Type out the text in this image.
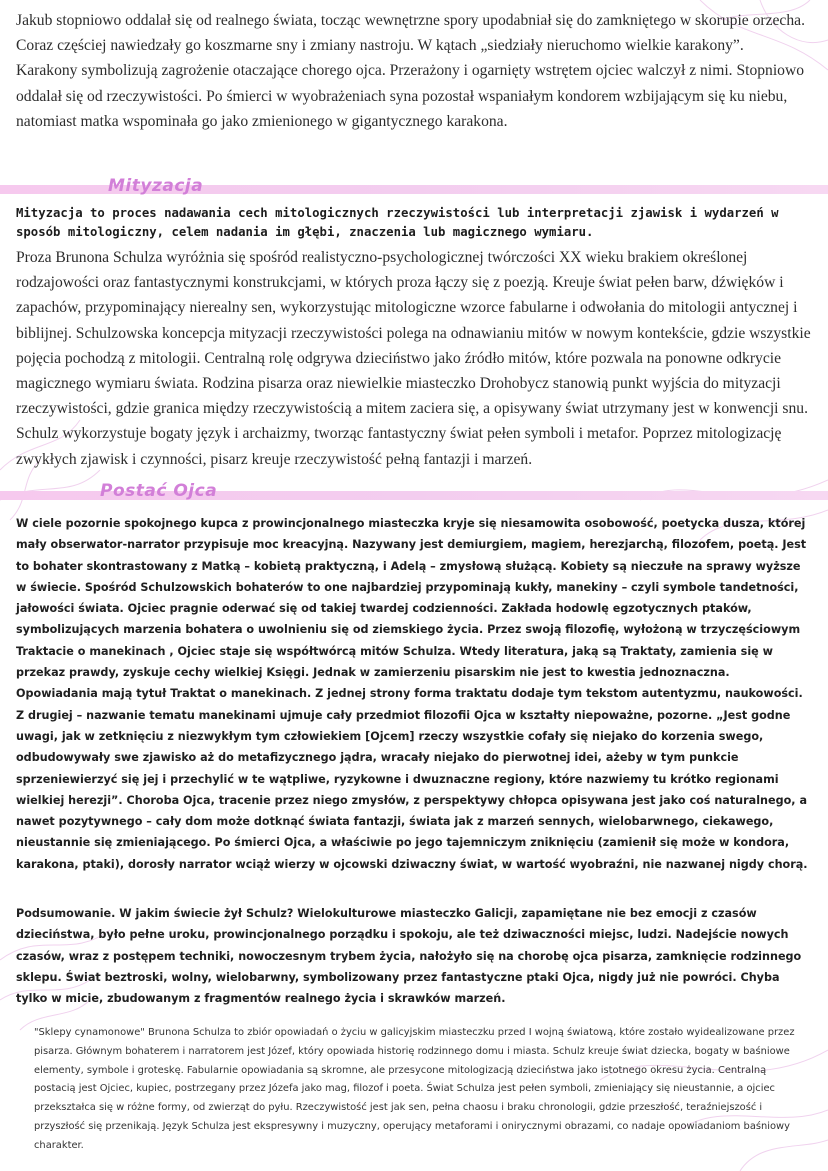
Jakub stopniowo oddalał się od realnego świata, tocząc wewnętrzne spory upodabniał się do zamkniętego w skorupie orzecha. Coraz częściej nawiedzały go koszmarne sny i zmiany nastroju. W kątach „siedziały nieruchomo wielkie karakony”.

Karakony symbolizują zagrożenie otaczające chorego ojca. Przerażony i ogarnięty wstrętem ojciec walczył z nimi. Stopniowo oddalał się od rzeczywistości. Po śmierci w wyobrażeniach syna pozostał wspaniałym kondorem wzbijającym się ku niebu, natomiast matka wspominała go jako zmienionego w gigantycznego karakona.

Mityzacja

Mityzacja to proces nadawania cech mitologicznych rzeczywistości lub interpretacji zjawisk i wydarzeń w sposób mitologiczny, celem nadania im głębi, znaczenia lub magicznego wymiaru.

Proza Brunona Schulza wyróżnia się spośród realistyczno-psychologicznej twórczości XX wieku brakiem określonej rodzajowości oraz fantastycznymi konstrukcjami, w których proza łączy się z poezją. Kreuje świat pełen barw, dźwięków i zapachów, przypominający nierealny sen, wykorzystując mitologiczne wzorce fabularne i odwołania do mitologii antycznej i biblijnej. Schulzowska koncepcja mityzacji rzeczywistości polega na odnawianiu mitów w nowym kontekście, gdzie wszystkie pojęcia pochodzą z mitologii. Centralną rolę odgrywa dzieciństwo jako źródło mitów, które pozwala na ponowne odkrycie magicznego wymiaru świata. Rodzina pisarza oraz niewielkie miasteczko Drohobycz stanowią punkt wyjścia do mityzacji rzeczywistości, gdzie granica między rzeczywistością a mitem zaciera się, a opisywany świat utrzymany jest w konwencji snu. Schulz wykorzystuje bogaty język i archaizmy, tworząc fantastyczny świat pełen symboli i metafor. Poprzez mitologizację zwykłych zjawisk i czynności, pisarz kreuje rzeczywistość pełną fantazji i marzeń.

Postać Ojca

W ciele pozornie spokojnego kupca z prowincjonalnego miasteczka kryje się niesamowita osobowość, poetycka dusza, której mały obserwator-narrator przypisuje moc kreacyjną. Nazywany jest demiurgiem, magiem, herezjarchą, filozofem, poetą. Jest to bohater skontrastowany z Matką – kobietą praktyczną, i Adelą – zmysłową służącą. Kobiety są nieczułe na sprawy wyższe w świecie. Spośród Schulzowskich bohaterów to one najbardziej przypominają kukły, manekiny – czyli symbole tandetności, jałowości świata. Ojciec pragnie oderwać się od takiej twardej codzienności. Zakłada hodowlę egzotycznych ptaków, symbolizujących marzenia bohatera o uwolnieniu się od ziemskiego życia. Przez swoją filozofię, wyłożoną w trzyczęściowym Traktacie o manekinach , Ojciec staje się współtwórcą mitów Schulza. Wtedy literatura, jaką są Traktaty, zamienia się w przekaz prawdy, zyskuje cechy wielkiej Księgi. Jednak w zamierzeniu pisarskim nie jest to kwestia jednoznaczna. Opowiadania mają tytuł Traktat o manekinach. Z jednej strony forma traktatu dodaje tym tekstom autentyzmu, naukowości. Z drugiej – nazwanie tematu manekinami ujmuje cały przedmiot filozofii Ojca w kształty niepoważne, pozorne. „Jest godne uwagi, jak w zetknięciu z niezwykłym tym człowiekiem [Ojcem] rzeczy wszystkie cofały się niejako do korzenia swego, odbudowywały swe zjawisko aż do metafizycznego jądra, wracały niejako do pierwotnej idei, ażeby w tym punkcie sprzeniewierzyć się jej i przechylić w te wątpliwe, ryzykowne i dwuznaczne regiony, które nazwiemy tu krótko regionami wielkiej herezji”. Choroba Ojca, tracenie przez niego zmysłów, z perspektywy chłopca opisywana jest jako coś naturalnego, a nawet pozytywnego – cały dom może dotknąć świata fantazji, świata jak z marzeń sennych, wielobarwnego, ciekawego, nieustannie się zmieniającego. Po śmierci Ojca, a właściwie po jego tajemniczym zniknięciu (zamienił się może w kondora, karakona, ptaki), dorosły narrator wciąż wierzy w ojcowski dziwaczny świat, w wartość wyobraźni, nie nazwanej nigdy chorą.

Podsumowanie. W jakim świecie żył Schulz? Wielokulturowe miasteczko Galicji, zapamiętane nie bez emocji z czasów dzieciństwa, było pełne uroku, prowincjonalnego porządku i spokoju, ale też dziwaczności miejsc, ludzi. Nadejście nowych czasów, wraz z postępem techniki, nowoczesnym trybem życia, nałożyło się na chorobę ojca pisarza, zamknięcie rodzinnego sklepu. Świat beztroski, wolny, wielobarwny, symbolizowany przez fantastyczne ptaki Ojca, nigdy już nie powróci. Chyba tylko w micie, zbudowanym z fragmentów realnego życia i skrawków marzeń.

"Sklepy cynamonowe" Brunona Schulza to zbiór opowiadań o życiu w galicyjskim miasteczku przed I wojną światową, które zostało wyidealizowane przez pisarza. Głównym bohaterem i narratorem jest Józef, który opowiada historię rodzinnego domu i miasta. Schulz kreuje świat dziecka, bogaty w baśniowe elementy, symbole i groteskę. Fabularnie opowiadania są skromne, ale przesycone mitologizacją dzieciństwa jako istotnego okresu życia. Centralną postacią jest Ojciec, kupiec, postrzegany przez Józefa jako mag, filozof i poeta. Świat Schulza jest pełen symboli, zmieniający się nieustannie, a ojciec przekształca się w różne formy, od zwierząt do pyłu. Rzeczywistość jest jak sen, pełna chaosu i braku chronologii, gdzie przeszłość, teraźniejszość i przyszłość się przenikają. Język Schulza jest ekspresywny i muzyczny, operujący metaforami i onirycznymi obrazami, co nadaje opowiadaniom baśniowy charakter.
